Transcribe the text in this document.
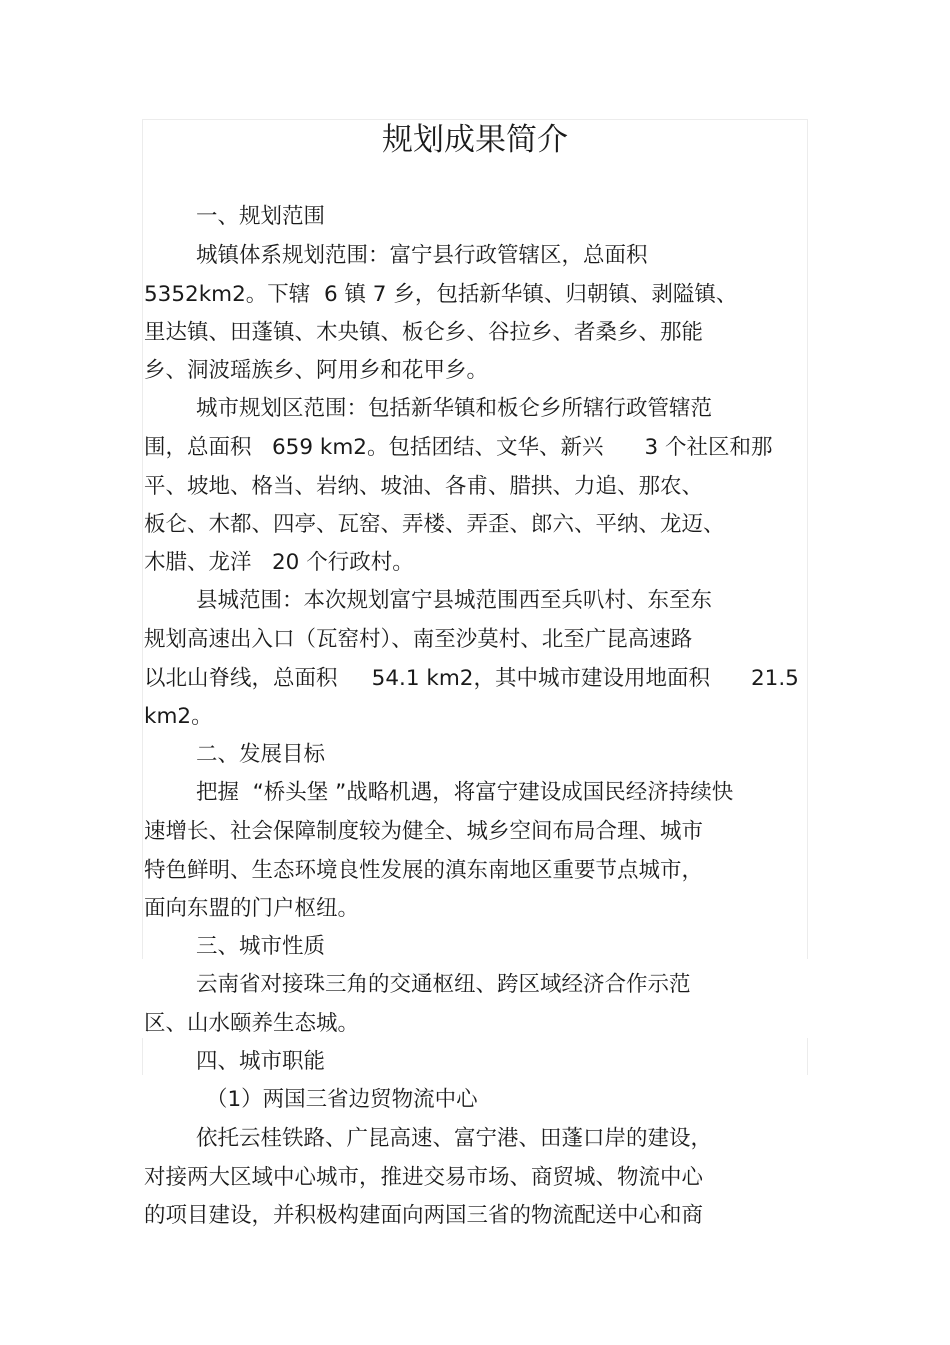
规划成果简介
一、规划范围
城镇体系规划范围：富宁县行政管辖区，总面积
5352km2。下辖  6 镇 7 乡，包括新华镇、归朝镇、剥隘镇、
里达镇、田蓬镇、木央镇、板仑乡、谷拉乡、者桑乡、那能
乡、洞波瑶族乡、阿用乡和花甲乡。
城市规划区范围：包括新华镇和板仑乡所辖行政管辖范
围，总面积   659 km2。包括团结、文华、新兴      3 个社区和那
平、坡地、格当、岩纳、坡油、各甫、腊拱、力追、那农、
板仑、木都、四亭、瓦窑、弄楼、弄歪、郎六、平纳、龙迈、
木腊、龙洋   20 个行政村。
县城范围：本次规划富宁县城范围西至兵叭村、东至东
规划高速出入口（瓦窑村）、南至沙莫村、北至广昆高速路
以北山脊线，总面积     54.1 km2，其中城市建设用地面积      21.5
km2。
二、发展目标
把握  “桥头堡 ”战略机遇，将富宁建设成国民经济持续快
速增长、社会保障制度较为健全、城乡空间布局合理、城市
特色鲜明、生态环境良性发展的滇东南地区重要节点城市，
面向东盟的门户枢纽。
三、城市性质
云南省对接珠三角的交通枢纽、跨区域经济合作示范
区、山水颐养生态城。
四、城市职能
（1）两国三省边贸物流中心
依托云桂铁路、广昆高速、富宁港、田蓬口岸的建设，
对接两大区域中心城市，推进交易市场、商贸城、物流中心
的项目建设，并积极构建面向两国三省的物流配送中心和商
